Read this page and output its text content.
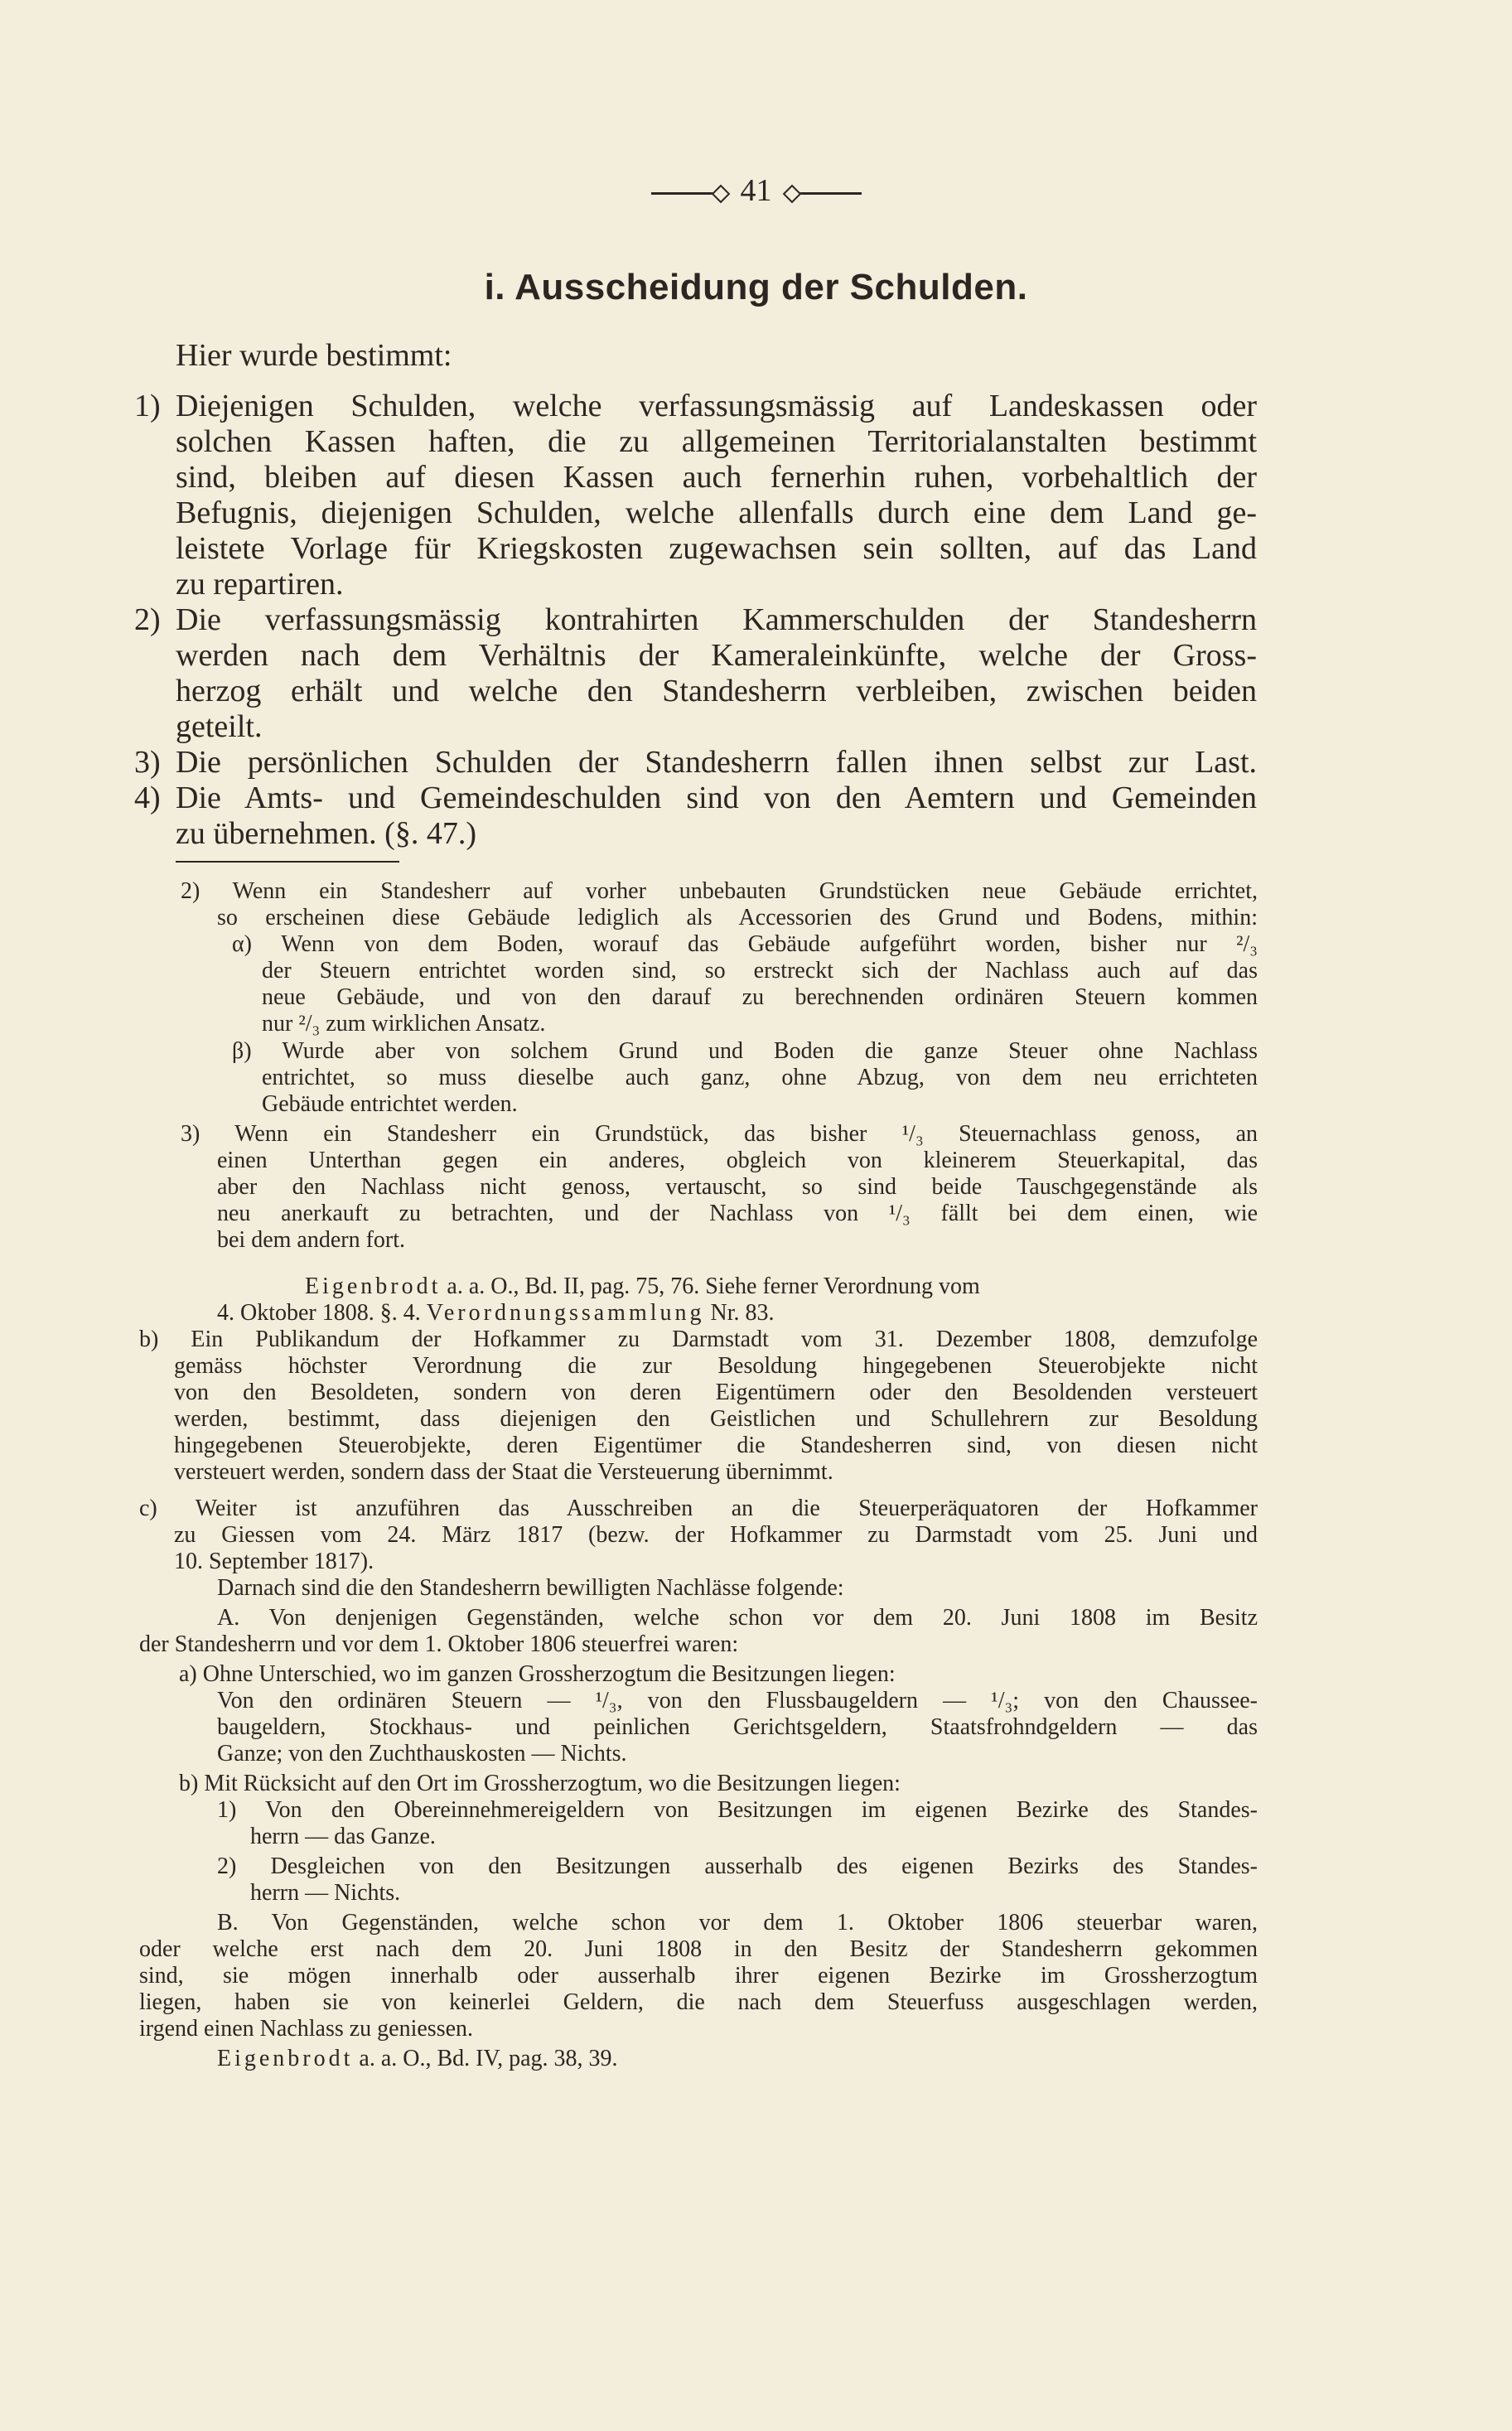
41
i. Ausscheidung der Schulden.
Hier wurde bestimmt:
1) Diejenigen Schulden, welche verfassungsmässig auf Landeskassen oder
solchen Kassen haften, die zu allgemeinen Territorialanstalten bestimmt
sind, bleiben auf diesen Kassen auch fernerhin ruhen, vorbehaltlich der
Befugnis, diejenigen Schulden, welche allenfalls durch eine dem Land ge-
leistete Vorlage für Kriegskosten zugewachsen sein sollten, auf das Land
zu repartiren.
2) Die verfassungsmässig kontrahirten Kammerschulden der Standesherrn
werden nach dem Verhältnis der Kameraleinkünfte, welche der Gross-
herzog erhält und welche den Standesherrn verbleiben, zwischen beiden
geteilt.
3) Die persönlichen Schulden der Standesherrn fallen ihnen selbst zur Last.
4) Die Amts- und Gemeindeschulden sind von den Aemtern und Gemeinden
zu übernehmen. (§. 47.)
2) Wenn ein Standesherr auf vorher unbebauten Grundstücken neue Gebäude errichtet,
so erscheinen diese Gebäude lediglich als Accessorien des Grund und Bodens, mithin:
α) Wenn von dem Boden, worauf das Gebäude aufgeführt worden, bisher nur ²/₃
der Steuern entrichtet worden sind, so erstreckt sich der Nachlass auch auf das
neue Gebäude, und von den darauf zu berechnenden ordinären Steuern kommen
nur ²/₃ zum wirklichen Ansatz.
β) Wurde aber von solchem Grund und Boden die ganze Steuer ohne Nachlass
entrichtet, so muss dieselbe auch ganz, ohne Abzug, von dem neu errichteten
Gebäude entrichtet werden.
3) Wenn ein Standesherr ein Grundstück, das bisher ¹/₃ Steuernachlass genoss, an
einen Unterthan gegen ein anderes, obgleich von kleinerem Steuerkapital, das
aber den Nachlass nicht genoss, vertauscht, so sind beide Tauschgegenstände als
neu anerkauft zu betrachten, und der Nachlass von ¹/₃ fällt bei dem einen, wie
bei dem andern fort.
Eigenbrodt a. a. O., Bd. II, pag. 75, 76. Siehe ferner Verordnung vom
4. Oktober 1808. §. 4. Verordnungssammlung Nr. 83.
b) Ein Publikandum der Hofkammer zu Darmstadt vom 31. Dezember 1808, demzufolge
gemäss höchster Verordnung die zur Besoldung hingegebenen Steuerobjekte nicht
von den Besoldeten, sondern von deren Eigentümern oder den Besoldenden versteuert
werden, bestimmt, dass diejenigen den Geistlichen und Schullehrern zur Besoldung
hingegebenen Steuerobjekte, deren Eigentümer die Standesherren sind, von diesen nicht
versteuert werden, sondern dass der Staat die Versteuerung übernimmt.
c) Weiter ist anzuführen das Ausschreiben an die Steuerperäquatoren der Hofkammer
zu Giessen vom 24. März 1817 (bezw. der Hofkammer zu Darmstadt vom 25. Juni und
10. September 1817).
Darnach sind die den Standesherrn bewilligten Nachlässe folgende:
A. Von denjenigen Gegenständen, welche schon vor dem 20. Juni 1808 im Besitz
der Standesherrn und vor dem 1. Oktober 1806 steuerfrei waren:
a) Ohne Unterschied, wo im ganzen Grossherzogtum die Besitzungen liegen:
Von den ordinären Steuern — ¹/₃, von den Flussbaugeldern — ¹/₃; von den Chaussee-
baugeldern, Stockhaus- und peinlichen Gerichtsgeldern, Staatsfrohndgeldern — das
Ganze; von den Zuchthauskosten — Nichts.
b) Mit Rücksicht auf den Ort im Grossherzogtum, wo die Besitzungen liegen:
1) Von den Obereinnehmereigeldern von Besitzungen im eigenen Bezirke des Standes-
herrn — das Ganze.
2) Desgleichen von den Besitzungen ausserhalb des eigenen Bezirks des Standes-
herrn — Nichts.
B. Von Gegenständen, welche schon vor dem 1. Oktober 1806 steuerbar waren,
oder welche erst nach dem 20. Juni 1808 in den Besitz der Standesherrn gekommen
sind, sie mögen innerhalb oder ausserhalb ihrer eigenen Bezirke im Grossherzogtum
liegen, haben sie von keinerlei Geldern, die nach dem Steuerfuss ausgeschlagen werden,
irgend einen Nachlass zu geniessen.
Eigenbrodt a. a. O., Bd. IV, pag. 38, 39.
